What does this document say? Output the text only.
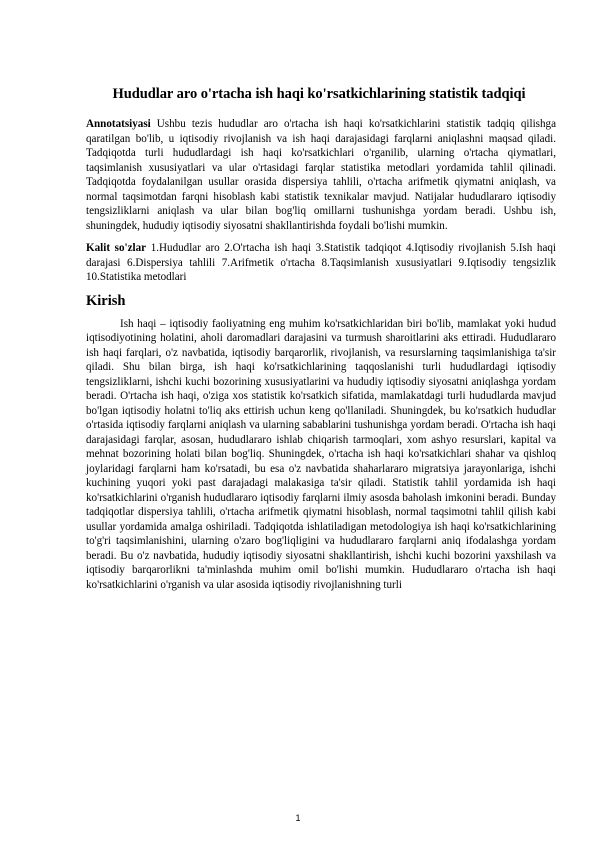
Hududlar aro o'rtacha ish haqi ko'rsatkichlarining statistik tadqiqi

Annotatsiyasi Ushbu tezis hududlar aro o'rtacha ish haqi ko'rsatkichlarini statistik tadqiq qilishga qaratilgan bo'lib, u iqtisodiy rivojlanish va ish haqi darajasidagi farqlarni aniqlashni maqsad qiladi. Tadqiqotda turli hududlardagi ish haqi ko'rsatkichlari o'rganilib, ularning o'rtacha qiymatlari, taqsimlanish xususiyatlari va ular o'rtasidagi farqlar statistika metodlari yordamida tahlil qilinadi. Tadqiqotda foydalanilgan usullar orasida dispersiya tahlili, o'rtacha arifmetik qiymatni aniqlash, va normal taqsimotdan farqni hisoblash kabi statistik texnikalar mavjud. Natijalar hududlararo iqtisodiy tengsizliklarni aniqlash va ular bilan bog'liq omillarni tushunishga yordam beradi. Ushbu ish, shuningdek, hududiy iqtisodiy siyosatni shakllantirishda foydali bo'lishi mumkin.

Kalit so'zlar 1.Hududlar aro 2.O'rtacha ish haqi 3.Statistik tadqiqot 4.Iqtisodiy rivojlanish 5.Ish haqi darajasi 6.Dispersiya tahlili 7.Arifmetik o'rtacha 8.Taqsimlanish xususiyatlari 9.Iqtisodiy tengsizlik 10.Statistika metodlari

Kirish

Ish haqi – iqtisodiy faoliyatning eng muhim ko'rsatkichlaridan biri bo'lib, mamlakat yoki hudud iqtisodiyotining holatini, aholi daromadlari darajasini va turmush sharoitlarini aks ettiradi. Hududlararo ish haqi farqlari, o'z navbatida, iqtisodiy barqarorlik, rivojlanish, va resurslarning taqsimlanishiga ta'sir qiladi. Shu bilan birga, ish haqi ko'rsatkichlarining taqqoslanishi turli hududlardagi iqtisodiy tengsizliklarni, ishchi kuchi bozorining xususiyatlarini va hududiy iqtisodiy siyosatni aniqlashga yordam beradi. O'rtacha ish haqi, o'ziga xos statistik ko'rsatkich sifatida, mamlakatdagi turli hududlarda mavjud bo'lgan iqtisodiy holatni to'liq aks ettirish uchun keng qo'llaniladi. Shuningdek, bu ko'rsatkich hududlar o'rtasida iqtisodiy farqlarni aniqlash va ularning sabablarini tushunishga yordam beradi. O'rtacha ish haqi darajasidagi farqlar, asosan, hududlararo ishlab chiqarish tarmoqlari, xom ashyo resurslari, kapital va mehnat bozorining holati bilan bog'liq. Shuningdek, o'rtacha ish haqi ko'rsatkichlari shahar va qishloq joylaridagi farqlarni ham ko'rsatadi, bu esa o'z navbatida shaharlararo migratsiya jarayonlariga, ishchi kuchining yuqori yoki past darajadagi malakasiga ta'sir qiladi. Statistik tahlil yordamida ish haqi ko'rsatkichlarini o'rganish hududlararo iqtisodiy farqlarni ilmiy asosda baholash imkonini beradi. Bunday tadqiqotlar dispersiya tahlili, o'rtacha arifmetik qiymatni hisoblash, normal taqsimotni tahlil qilish kabi usullar yordamida amalga oshiriladi. Tadqiqotda ishlatiladigan metodologiya ish haqi ko'rsatkichlarining to'g'ri taqsimlanishini, ularning o'zaro bog'liqligini va hududlararo farqlarni aniq ifodalashga yordam beradi. Bu o'z navbatida, hududiy iqtisodiy siyosatni shakllantirish, ishchi kuchi bozorini yaxshilash va iqtisodiy barqarorlikni ta'minlashda muhim omil bo'lishi mumkin. Hududlararo o'rtacha ish haqi ko'rsatkichlarini o'rganish va ular asosida iqtisodiy rivojlanishning turli

1
